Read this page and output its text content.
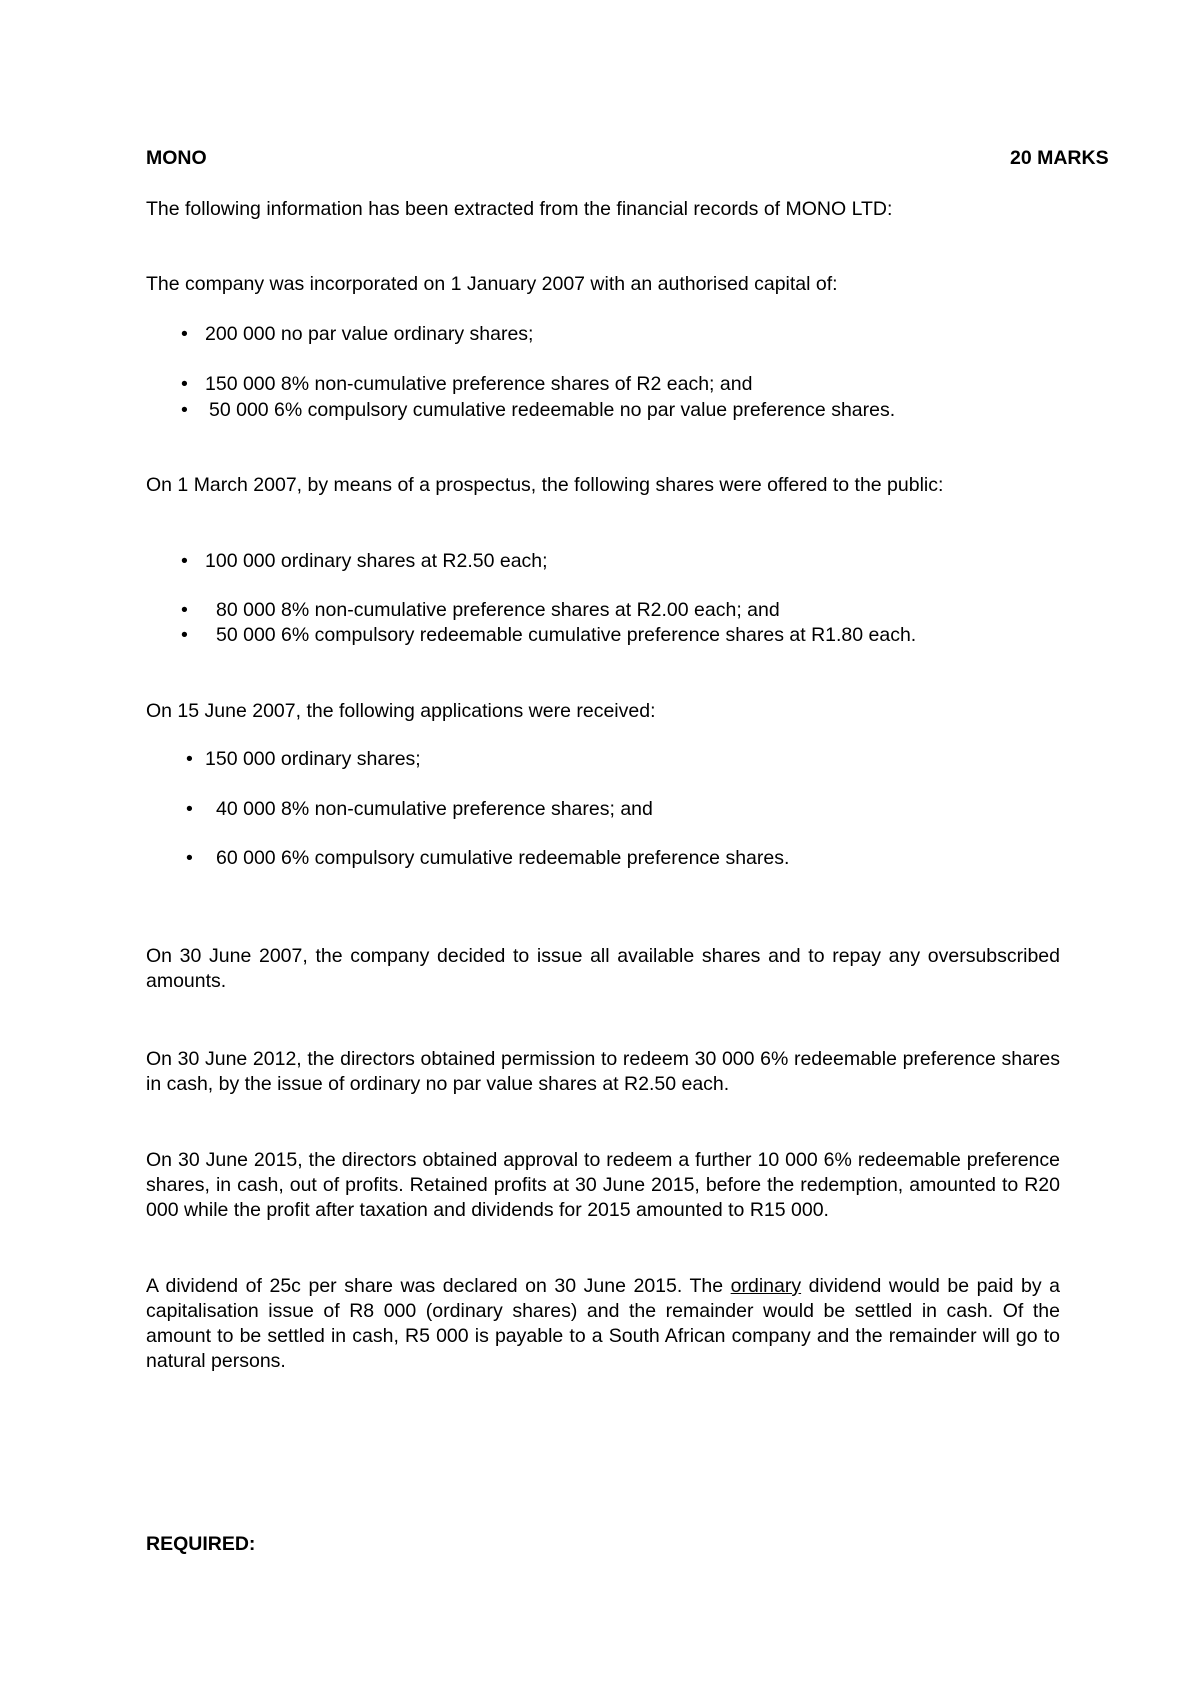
MONO	20 MARKS

The following information has been extracted from the financial records of MONO LTD:

The company was incorporated on 1 January 2007 with an authorised capital of:

• 200 000 no par value ordinary shares;
• 150 000 8% non-cumulative preference shares of R2 each; and
• 50 000 6% compulsory cumulative redeemable no par value preference shares.

On 1 March 2007, by means of a prospectus, the following shares were offered to the public:

• 100 000 ordinary shares at R2.50 each;
• 80 000 8% non-cumulative preference shares at R2.00 each; and
• 50 000 6% compulsory redeemable cumulative preference shares at R1.80 each.

On 15 June 2007, the following applications were received:

• 150 000 ordinary shares;
• 40 000 8% non-cumulative preference shares; and
• 60 000 6% compulsory cumulative redeemable preference shares.

On 30 June 2007, the company decided to issue all available shares and to repay any oversubscribed amounts.

On 30 June 2012, the directors obtained permission to redeem 30 000 6% redeemable preference shares in cash, by the issue of ordinary no par value shares at R2.50 each.

On 30 June 2015, the directors obtained approval to redeem a further 10 000 6% redeemable preference shares, in cash, out of profits. Retained profits at 30 June 2015, before the redemption, amounted to R20 000 while the profit after taxation and dividends for 2015 amounted to R15 000.

A dividend of 25c per share was declared on 30 June 2015. The ordinary dividend would be paid by a capitalisation issue of R8 000 (ordinary shares) and the remainder would be settled in cash. Of the amount to be settled in cash, R5 000 is payable to a South African company and the remainder will go to natural persons.

REQUIRED:
